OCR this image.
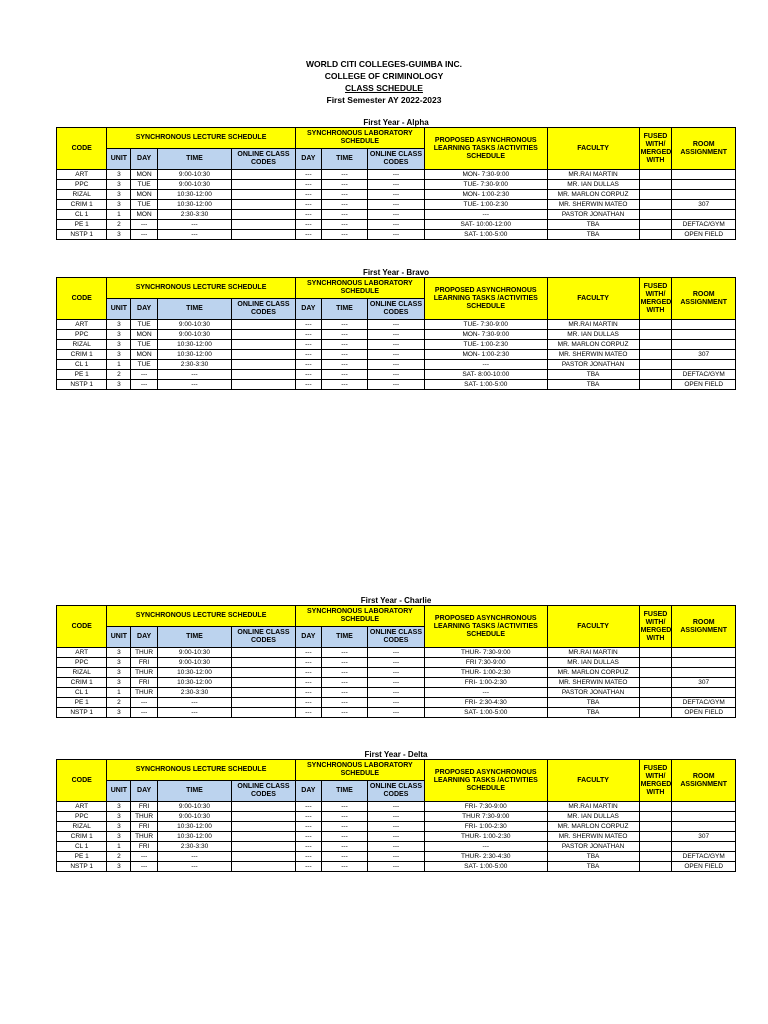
WORLD CITI COLLEGES-GUIMBA INC.
COLLEGE OF CRIMINOLOGY
CLASS SCHEDULE
First Semester AY 2022-2023
First Year - Alpha
CODE	SYNCHRONOUS LECTURE SCHEDULE				SYNCHRONOUS LABORATORY SCHEDULE			PROPOSED ASYNCHRONOUS LEARNING TASKS /ACTIVITIES SCHEDULE	FACULTY	FUSED WITH/ MERGED WITH	ROOM ASSIGNMENT
	UNIT	DAY	TIME	ONLINE CLASS CODES	DAY	TIME	ONLINE CLASS CODES				
ART	3	MON	9:00-10:30		---	---	---	MON- 7:30-9:00	MR.RAI MARTIN		
PPC	3	TUE	9:00-10:30		---	---	---	TUE- 7:30-9:00	MR. IAN DULLAS		
RIZAL	3	MON	10:30-12:00		---	---	---	MON- 1:00-2:30	MR. MARLON CORPUZ		
CRIM 1	3	TUE	10:30-12:00		---	---	---	TUE- 1:00-2:30	MR. SHERWIN MATEO		307
CL 1	1	MON	2:30-3:30		---	---	---	---	PASTOR JONATHAN		
PE 1	2	---	---		---	---	---	SAT- 10:00-12:00	TBA		DEFTAC/GYM
NSTP 1	3	---	---		---	---	---	SAT- 1:00-5:00	TBA		OPEN FIELD
First Year - Bravo
CODE	SYNCHRONOUS LECTURE SCHEDULE				SYNCHRONOUS LABORATORY SCHEDULE			PROPOSED ASYNCHRONOUS LEARNING TASKS /ACTIVITIES SCHEDULE	FACULTY	FUSED WITH/ MERGED WITH	ROOM ASSIGNMENT
	UNIT	DAY	TIME	ONLINE CLASS CODES	DAY	TIME	ONLINE CLASS CODES				
ART	3	TUE	9:00-10:30		---	---	---	TUE- 7:30-9:00	MR.RAI MARTIN		
PPC	3	MON	9:00-10:30		---	---	---	MON- 7:30-9:00	MR. IAN DULLAS		
RIZAL	3	TUE	10:30-12:00		---	---	---	TUE- 1:00-2:30	MR. MARLON CORPUZ		
CRIM 1	3	MON	10:30-12:00		---	---	---	MON- 1:00-2:30	MR. SHERWIN MATEO		307
CL 1	1	TUE	2:30-3:30		---	---	---	---	PASTOR JONATHAN		
PE 1	2	---	---		---	---	---	SAT- 8:00-10:00	TBA		DEFTAC/GYM
NSTP 1	3	---	---		---	---	---	SAT- 1:00-5:00	TBA		OPEN FIELD
First Year - Charlie
CODE	SYNCHRONOUS LECTURE SCHEDULE				SYNCHRONOUS LABORATORY SCHEDULE			PROPOSED ASYNCHRONOUS LEARNING TASKS /ACTIVITIES SCHEDULE	FACULTY	FUSED WITH/ MERGED WITH	ROOM ASSIGNMENT
	UNIT	DAY	TIME	ONLINE CLASS CODES	DAY	TIME	ONLINE CLASS CODES				
ART	3	THUR	9:00-10:30		---	---	---	THUR- 7:30-9:00	MR.RAI MARTIN		
PPC	3	FRI	9:00-10:30		---	---	---	FRI 7:30-9:00	MR. IAN DULLAS		
RIZAL	3	THUR	10:30-12:00		---	---	---	THUR- 1:00-2:30	MR. MARLON CORPUZ		
CRIM 1	3	FRI	10:30-12:00		---	---	---	FRI- 1:00-2:30	MR. SHERWIN MATEO		307
CL 1	1	THUR	2:30-3:30		---	---	---	---	PASTOR JONATHAN		
PE 1	2	---	---		---	---	---	FRI- 2:30-4:30	TBA		DEFTAC/GYM
NSTP 1	3	---	---		---	---	---	SAT- 1:00-5:00	TBA		OPEN FIELD
First Year - Delta
CODE	SYNCHRONOUS LECTURE SCHEDULE				SYNCHRONOUS LABORATORY SCHEDULE			PROPOSED ASYNCHRONOUS LEARNING TASKS /ACTIVITIES SCHEDULE	FACULTY	FUSED WITH/ MERGED WITH	ROOM ASSIGNMENT
	UNIT	DAY	TIME	ONLINE CLASS CODES	DAY	TIME	ONLINE CLASS CODES				
ART	3	FRI	9:00-10:30		---	---	---	FRI- 7:30-9:00	MR.RAI MARTIN		
PPC	3	THUR	9:00-10:30		---	---	---	THUR 7:30-9:00	MR. IAN DULLAS		
RIZAL	3	FRI	10:30-12:00		---	---	---	FRI- 1:00-2:30	MR. MARLON CORPUZ		
CRIM 1	3	THUR	10:30-12:00		---	---	---	THUR- 1:00-2:30	MR. SHERWIN MATEO		307
CL 1	1	FRI	2:30-3:30		---	---	---	---	PASTOR JONATHAN		
PE 1	2	---	---		---	---	---	THUR- 2:30-4:30	TBA		DEFTAC/GYM
NSTP 1	3	---	---		---	---	---	SAT- 1:00-5:00	TBA		OPEN FIELD
